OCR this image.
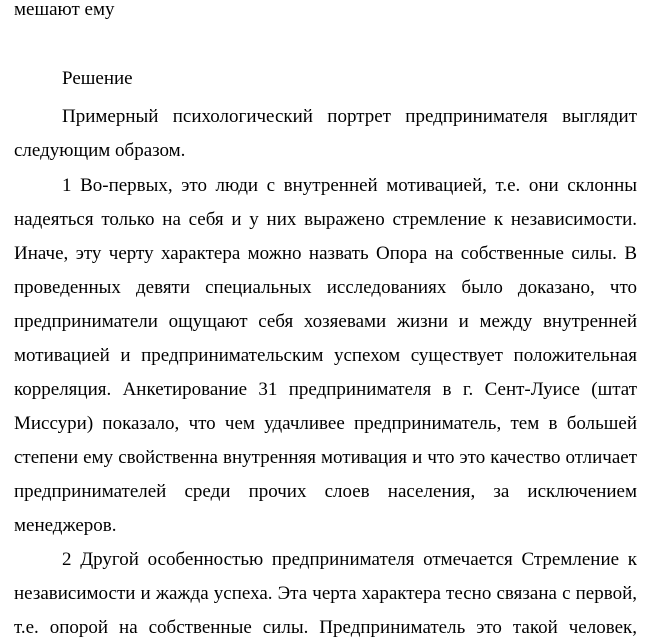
мешают ему
Решение
Примерный психологический портрет предпринимателя выглядит
следующим образом.
1 Во-первых, это люди с внутренней мотивацией, т.е. они склонны
надеяться только на себя и у них выражено стремление к независимости.
Иначе, эту черту характера можно назвать Опора на собственные силы. В
проведенных девяти специальных исследованиях было доказано, что
предприниматели ощущают себя хозяевами жизни и между внутренней
мотивацией и предпринимательским успехом существует положительная
корреляция. Анкетирование 31 предпринимателя в г. Сент-Луисе (штат
Миссури) показало, что чем удачливее предприниматель, тем в большей
степени ему свойственна внутренняя мотивация и что это качество отличает
предпринимателей среди прочих слоев населения, за исключением
менеджеров.
2 Другой особенностью предпринимателя отмечается Стремление к
независимости и жажда успеха. Эта черта характера тесно связана с первой,
т.е. опорой на собственные силы. Предприниматель это такой человек,
